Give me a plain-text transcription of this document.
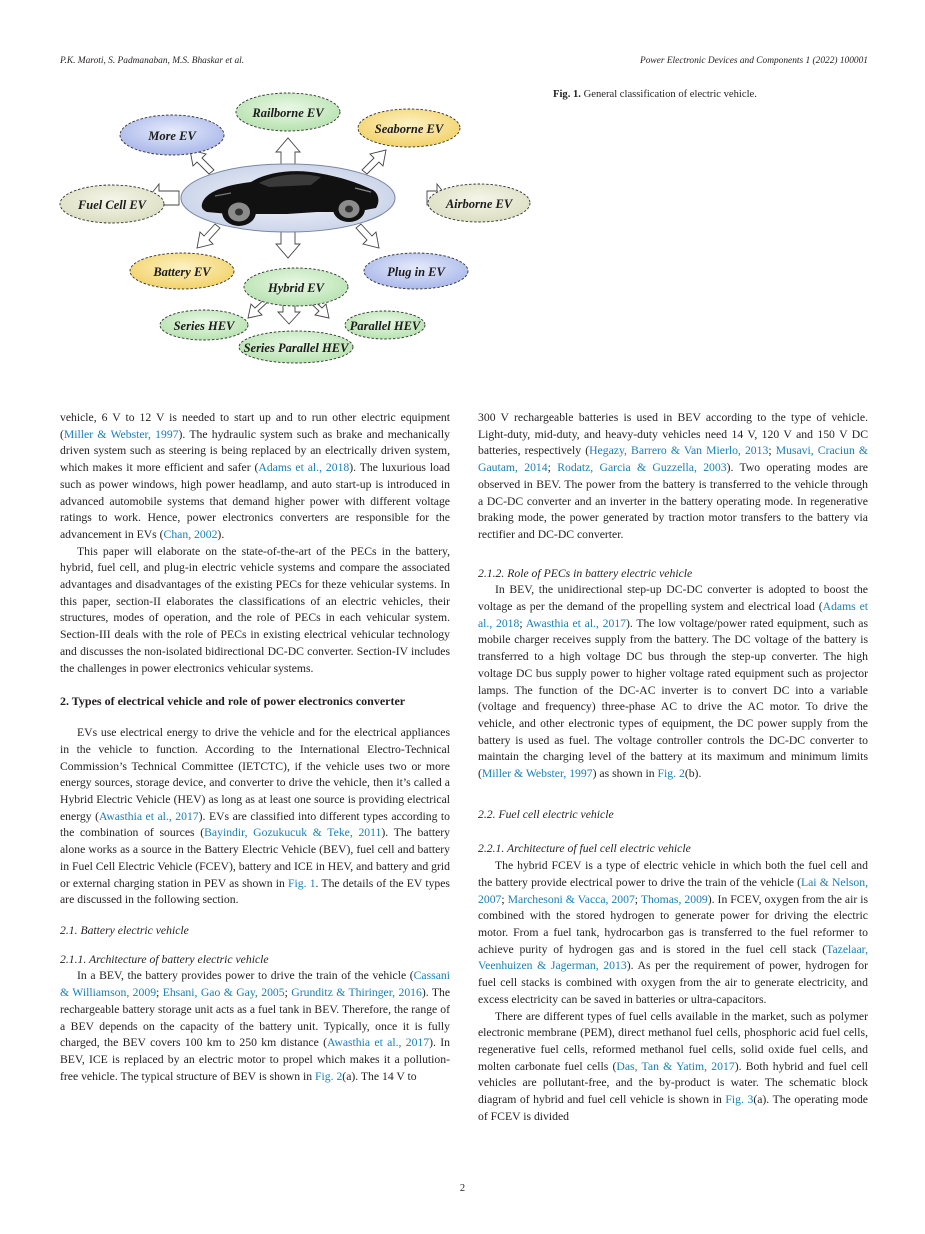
P.K. Maroti, S. Padmanaban, M.S. Bhaskar et al.	Power Electronic Devices and Components 1 (2022) 100001
Railborne EV
More EV	Seaborne EV
Fuel Cell EV	Airborne EV
Battery EV	Plug in EV
Hybrid EV
Series HEV	Parallel HEV
Series Parallel HEV
Fig. 1. General classification of electric vehicle.

vehicle, 6 V to 12 V is needed to start up and to run other electric equipment (Miller & Webster, 1997). The hydraulic system such as brake and mechanically driven system such as steering is being replaced by an electrically driven system, which makes it more efficient and safer (Adams et al., 2018). The luxurious load such as power windows, high power headlamp, and auto start-up is introduced in advanced automobile systems that demand higher power with different voltage ratings to work. Hence, power electronics converters are responsible for the advancement in EVs (Chan, 2002).

This paper will elaborate on the state-of-the-art of the PECs in the battery, hybrid, fuel cell, and plug-in electric vehicle systems and compare the associated advantages and disadvantages of the existing PECs for theze vehicular systems. In this paper, section-II elaborates the classifications of an electric vehicles, their structures, modes of operation, and the role of PECs in each vehicular system. Section-III deals with the role of PECs in existing electrical vehicular technology and discusses the non-isolated bidirectional DC-DC converter. Section-IV includes the challenges in power electronics vehicular systems.

2. Types of electrical vehicle and role of power electronics converter

EVs use electrical energy to drive the vehicle and for the electrical appliances in the vehicle to function. According to the International Electro-Technical Commission’s Technical Committee (IETCTC), if the vehicle uses two or more energy sources, storage device, and converter to drive the vehicle, then it’s called a Hybrid Electric Vehicle (HEV) as long as at least one source is providing electrical energy (Awasthia et al., 2017). EVs are classified into different types according to the combination of sources (Bayindir, Gozukucuk & Teke, 2011). The battery alone works as a source in the Battery Electric Vehicle (BEV), fuel cell and battery in Fuel Cell Electric Vehicle (FCEV), battery and ICE in HEV, and battery and grid or external charging station in PEV as shown in Fig. 1. The details of the EV types are discussed in the following section.

2.1. Battery electric vehicle
2.1.1. Architecture of battery electric vehicle

In a BEV, the battery provides power to drive the train of the vehicle (Cassani & Williamson, 2009; Ehsani, Gao & Gay, 2005; Grunditz & Thiringer, 2016). The rechargeable battery storage unit acts as a fuel tank in BEV. Therefore, the range of a BEV depends on the capacity of the battery unit. Typically, once it is fully charged, the BEV covers 100 km to 250 km distance (Awasthia et al., 2017). In BEV, ICE is replaced by an electric motor to propel which makes it a pollution-free vehicle. The typical structure of BEV is shown in Fig. 2(a). The 14 V to

300 V rechargeable batteries is used in BEV according to the type of vehicle. Light-duty, mid-duty, and heavy-duty vehicles need 14 V, 120 V and 150 V DC batteries, respectively (Hegazy, Barrero & Van Mierlo, 2013; Musavi, Craciun & Gautam, 2014; Rodatz, Garcia & Guzzella, 2003). Two operating modes are observed in BEV. The power from the battery is transferred to the vehicle through a DC-DC converter and an inverter in the battery operating mode. In regenerative braking mode, the power generated by traction motor transfers to the battery via rectifier and DC-DC converter.

2.1.2. Role of PECs in battery electric vehicle

In BEV, the unidirectional step-up DC-DC converter is adopted to boost the voltage as per the demand of the propelling system and electrical load (Adams et al., 2018; Awasthia et al., 2017). The low voltage/power rated equipment, such as mobile charger receives supply from the battery. The DC voltage of the battery is transferred to a high voltage DC bus through the step-up converter. The high voltage DC bus supply power to higher voltage rated equipment such as projector lamps. The function of the DC-AC inverter is to convert DC into a variable (voltage and frequency) three-phase AC to drive the AC motor. To drive the vehicle, and other electronic types of equipment, the DC power supply from the battery is used as fuel. The voltage controller controls the DC-DC converter to maintain the charging level of the battery at its maximum and minimum limits (Miller & Webster, 1997) as shown in Fig. 2(b).

2.2. Fuel cell electric vehicle
2.2.1. Architecture of fuel cell electric vehicle

The hybrid FCEV is a type of electric vehicle in which both the fuel cell and the battery provide electrical power to drive the train of the vehicle (Lai & Nelson, 2007; Marchesoni & Vacca, 2007; Thomas, 2009). In FCEV, oxygen from the air is combined with the stored hydrogen to generate power for driving the electric motor. From a fuel tank, hydrocarbon gas is transferred to the fuel reformer to achieve purity of hydrogen gas and is stored in the fuel cell stack (Tazelaar, Veenhuizen & Jagerman, 2013). As per the requirement of power, hydrogen for fuel cell stacks is combined with oxygen from the air to generate electricity, and excess electricity can be saved in batteries or ultra-capacitors.

There are different types of fuel cells available in the market, such as polymer electronic membrane (PEM), direct methanol fuel cells, phosphoric acid fuel cells, regenerative fuel cells, reformed methanol fuel cells, solid oxide fuel cells, and molten carbonate fuel cells (Das, Tan & Yatim, 2017). Both hybrid and fuel cell vehicles are pollutant-free, and the by-product is water. The schematic block diagram of hybrid and fuel cell vehicle is shown in Fig. 3(a). The operating mode of FCEV is divided

2
